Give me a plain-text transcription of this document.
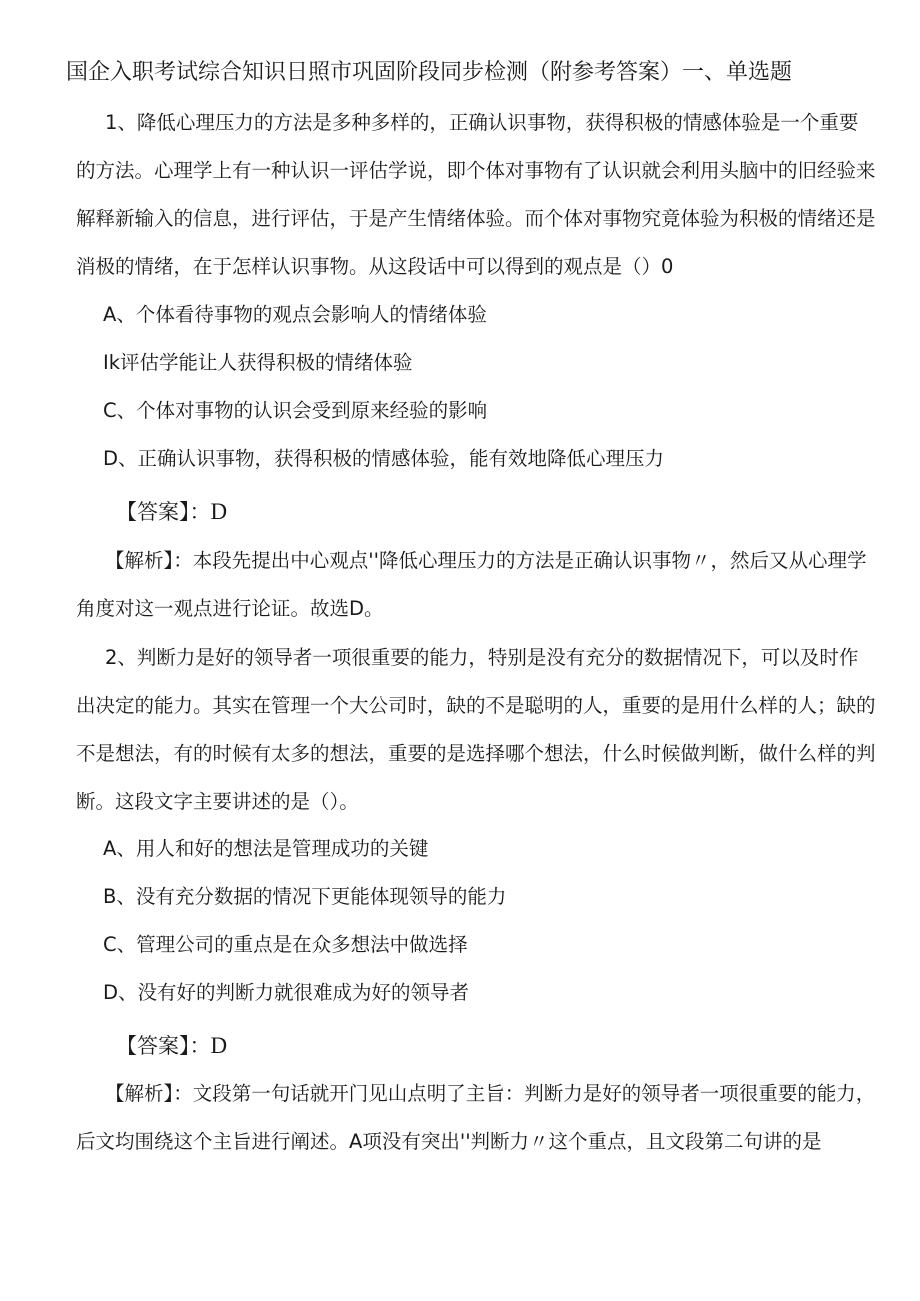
国企入职考试综合知识日照市巩固阶段同步检测（附参考答案）一、单选题

1、降低心理压力的方法是多种多样的，正确认识事物，获得积极的情感体验是一个重要的方法。心理学上有一种认识一评估学说，即个体对事物有了认识就会利用头脑中的旧经验来解释新输入的信息，进行评估，于是产生情绪体验。而个体对事物究竟体验为积极的情绪还是消极的情绪，在于怎样认识事物。从这段话中可以得到的观点是（）0

A、个体看待事物的观点会影响人的情绪体验
Ik评估学能让人获得积极的情绪体验
C、个体对事物的认识会受到原来经验的影响
D、正确认识事物，获得积极的情感体验，能有效地降低心理压力
【答案】：D

【解析】：本段先提出中心观点''降低心理压力的方法是正确认识事物〃，然后又从心理学角度对这一观点进行论证。故选D。

2、判断力是好的领导者一项很重要的能力，特别是没有充分的数据情况下，可以及时作出决定的能力。其实在管理一个大公司时，缺的不是聪明的人，重要的是用什么样的人；缺的不是想法，有的时候有太多的想法，重要的是选择哪个想法，什么时候做判断，做什么样的判断。这段文字主要讲述的是（）。

A、用人和好的想法是管理成功的关键
B、没有充分数据的情况下更能体现领导的能力
C、管理公司的重点是在众多想法中做选择
D、没有好的判断力就很难成为好的领导者
【答案】：D

【解析】：文段第一句话就开门见山点明了主旨：判断力是好的领导者一项很重要的能力，后文均围绕这个主旨进行阐述。A项没有突出''判断力〃这个重点，且文段第二句讲的是
